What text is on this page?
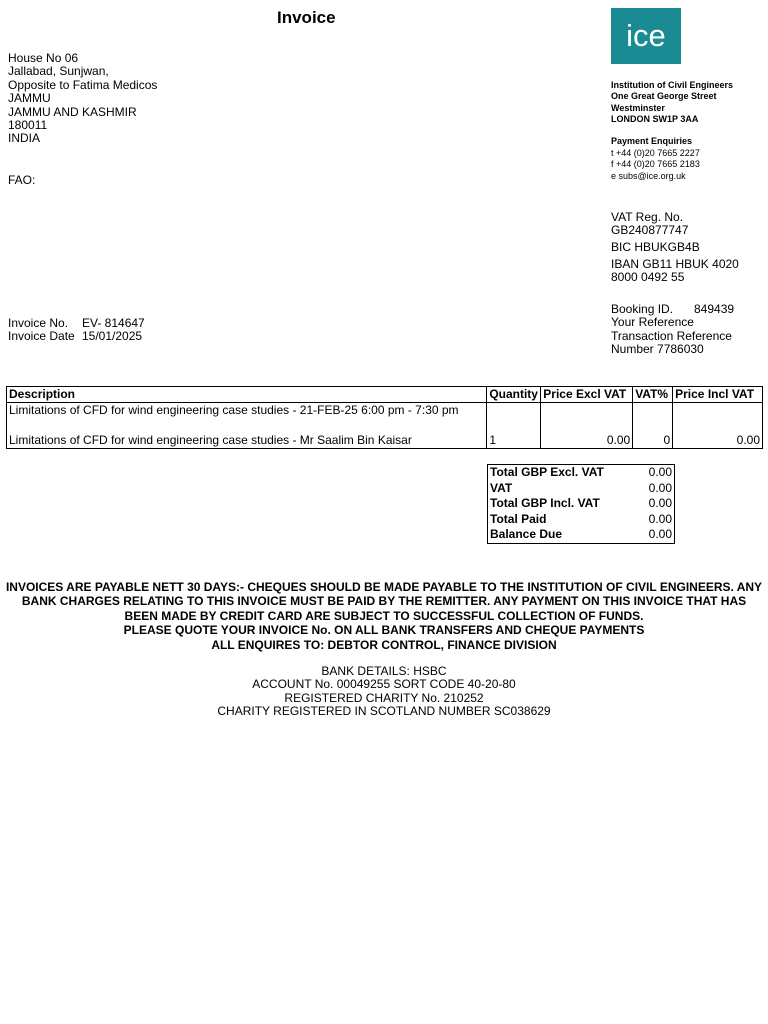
Invoice
House No 06
Jallabad, Sunjwan,
Opposite to Fatima Medicos
JAMMU
JAMMU AND KASHMIR
180011
INDIA
FAO:
ice
Institution of Civil Engineers
One Great George Street
Westminster
LONDON SW1P 3AA
Payment Enquiries
t +44 (0)20 7665 2227
f +44 (0)20 7665 2183
e subs@ice.org.uk
VAT Reg. No.
GB240877747
BIC HBUKGB4B
IBAN GB11 HBUK 4020
8000 0492 55
Booking ID. 849439
Your Reference
Transaction Reference
Number 7786030
Invoice No. EV- 814647
Invoice Date 15/01/2025
Description	Quantity	Price Excl VAT	VAT%	Price Incl VAT

Limitations of CFD for wind engineering case studies - 21-FEB-25 6:00 pm - 7:30 pm
Limitations of CFD for wind engineering case studies - Mr Saalim Bin Kaisar	1	0.00	0	0.00
Total GBP Excl. VAT	0.00
VAT	0.00
Total GBP Incl. VAT	0.00
Total Paid	0.00
Balance Due	0.00
INVOICES ARE PAYABLE NETT 30 DAYS:- CHEQUES SHOULD BE MADE PAYABLE TO THE INSTITUTION OF CIVIL ENGINEERS. ANY
BANK CHARGES RELATING TO THIS INVOICE MUST BE PAID BY THE REMITTER. ANY PAYMENT ON THIS INVOICE THAT HAS
BEEN MADE BY CREDIT CARD ARE SUBJECT TO SUCCESSFUL COLLECTION OF FUNDS.
PLEASE QUOTE YOUR INVOICE No. ON ALL BANK TRANSFERS AND CHEQUE PAYMENTS
ALL ENQUIRES TO: DEBTOR CONTROL, FINANCE DIVISION
BANK DETAILS: HSBC
ACCOUNT No. 00049255 SORT CODE 40-20-80
REGISTERED CHARITY No. 210252
CHARITY REGISTERED IN SCOTLAND NUMBER SC038629
